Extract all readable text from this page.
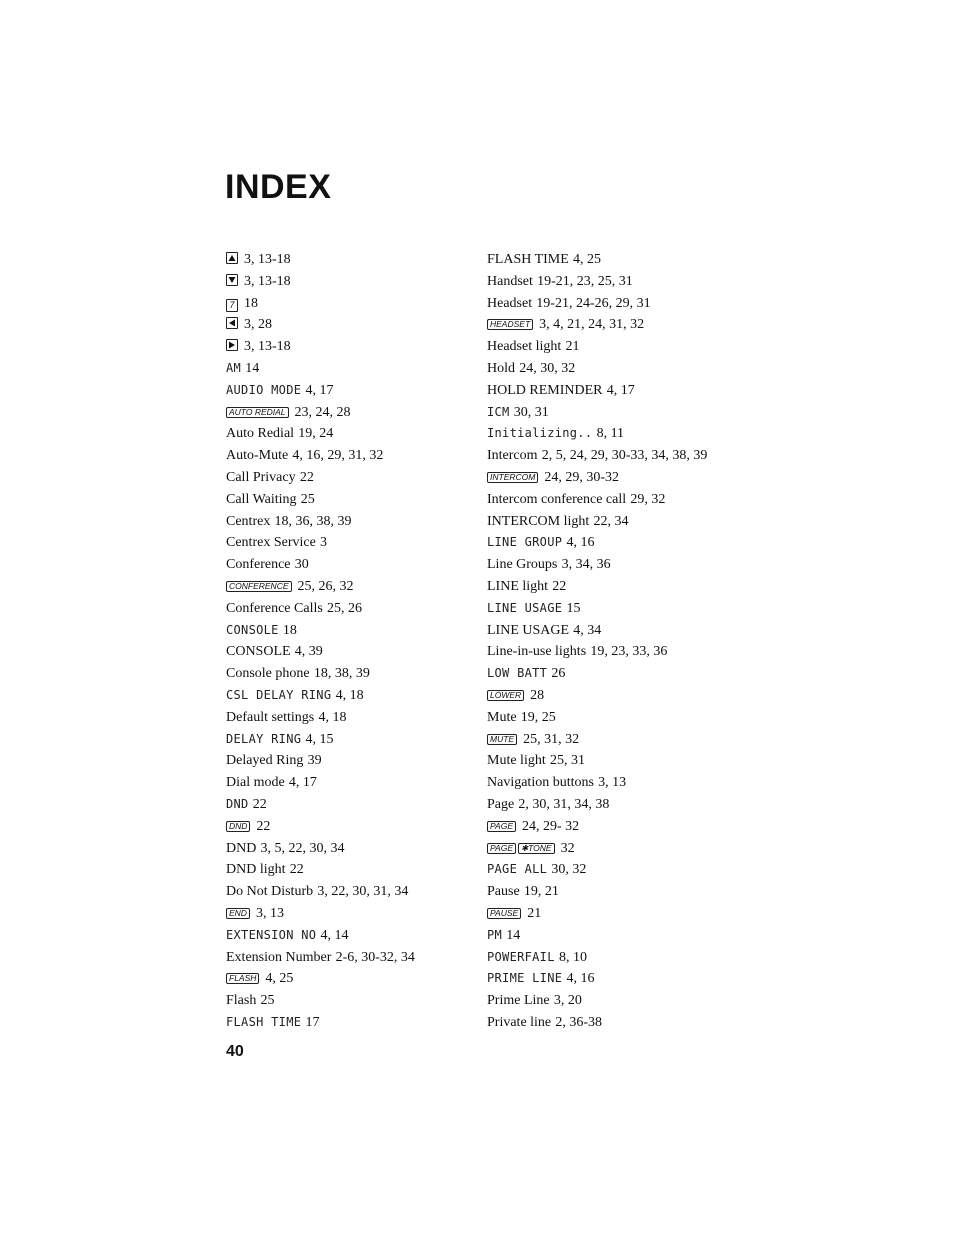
INDEX
3, 13-18
3, 13-18
7 18
3, 28
3, 13-18
AM 14
AUDIO MODE 4, 17
AUTO REDIAL 23, 24, 28
Auto Redial 19, 24
Auto-Mute 4, 16, 29, 31, 32
Call Privacy 22
Call Waiting 25
Centrex 18, 36, 38, 39
Centrex Service 3
Conference 30
CONFERENCE 25, 26, 32
Conference Calls 25, 26
CONSOLE 18
CONSOLE 4, 39
Console phone 18, 38, 39
CSL DELAY RING 4, 18
Default settings 4, 18
DELAY RING 4, 15
Delayed Ring 39
Dial mode 4, 17
DND 22
DND 22
DND 3, 5, 22, 30, 34
DND light 22
Do Not Disturb 3, 22, 30, 31, 34
END 3, 13
EXTENSION NO 4, 14
Extension Number 2-6, 30-32, 34
FLASH 4, 25
Flash 25
FLASH TIME 17
FLASH TIME 4, 25
Handset 19-21, 23, 25, 31
Headset 19-21, 24-26, 29, 31
HEADSET 3, 4, 21, 24, 31, 32
Headset light 21
Hold 24, 30, 32
HOLD REMINDER 4, 17
ICM 30, 31
Initializing.. 8, 11
Intercom 2, 5, 24, 29, 30-33, 34, 38, 39
INTERCOM 24, 29, 30-32
Intercom conference call 29, 32
INTERCOM light 22, 34
LINE GROUP 4, 16
Line Groups 3, 34, 36
LINE light 22
LINE USAGE 15
LINE USAGE 4, 34
Line-in-use lights 19, 23, 33, 36
LOW BATT 26
LOWER 28
Mute 19, 25
MUTE 25, 31, 32
Mute light 25, 31
Navigation buttons 3, 13
Page 2, 30, 31, 34, 38
PAGE 24, 29- 32
PAGE ✱TONE 32
PAGE ALL 30, 32
Pause 19, 21
PAUSE 21
PM 14
POWERFAIL 8, 10
PRIME LINE 4, 16
Prime Line 3, 20
Private line 2, 36-38

40
